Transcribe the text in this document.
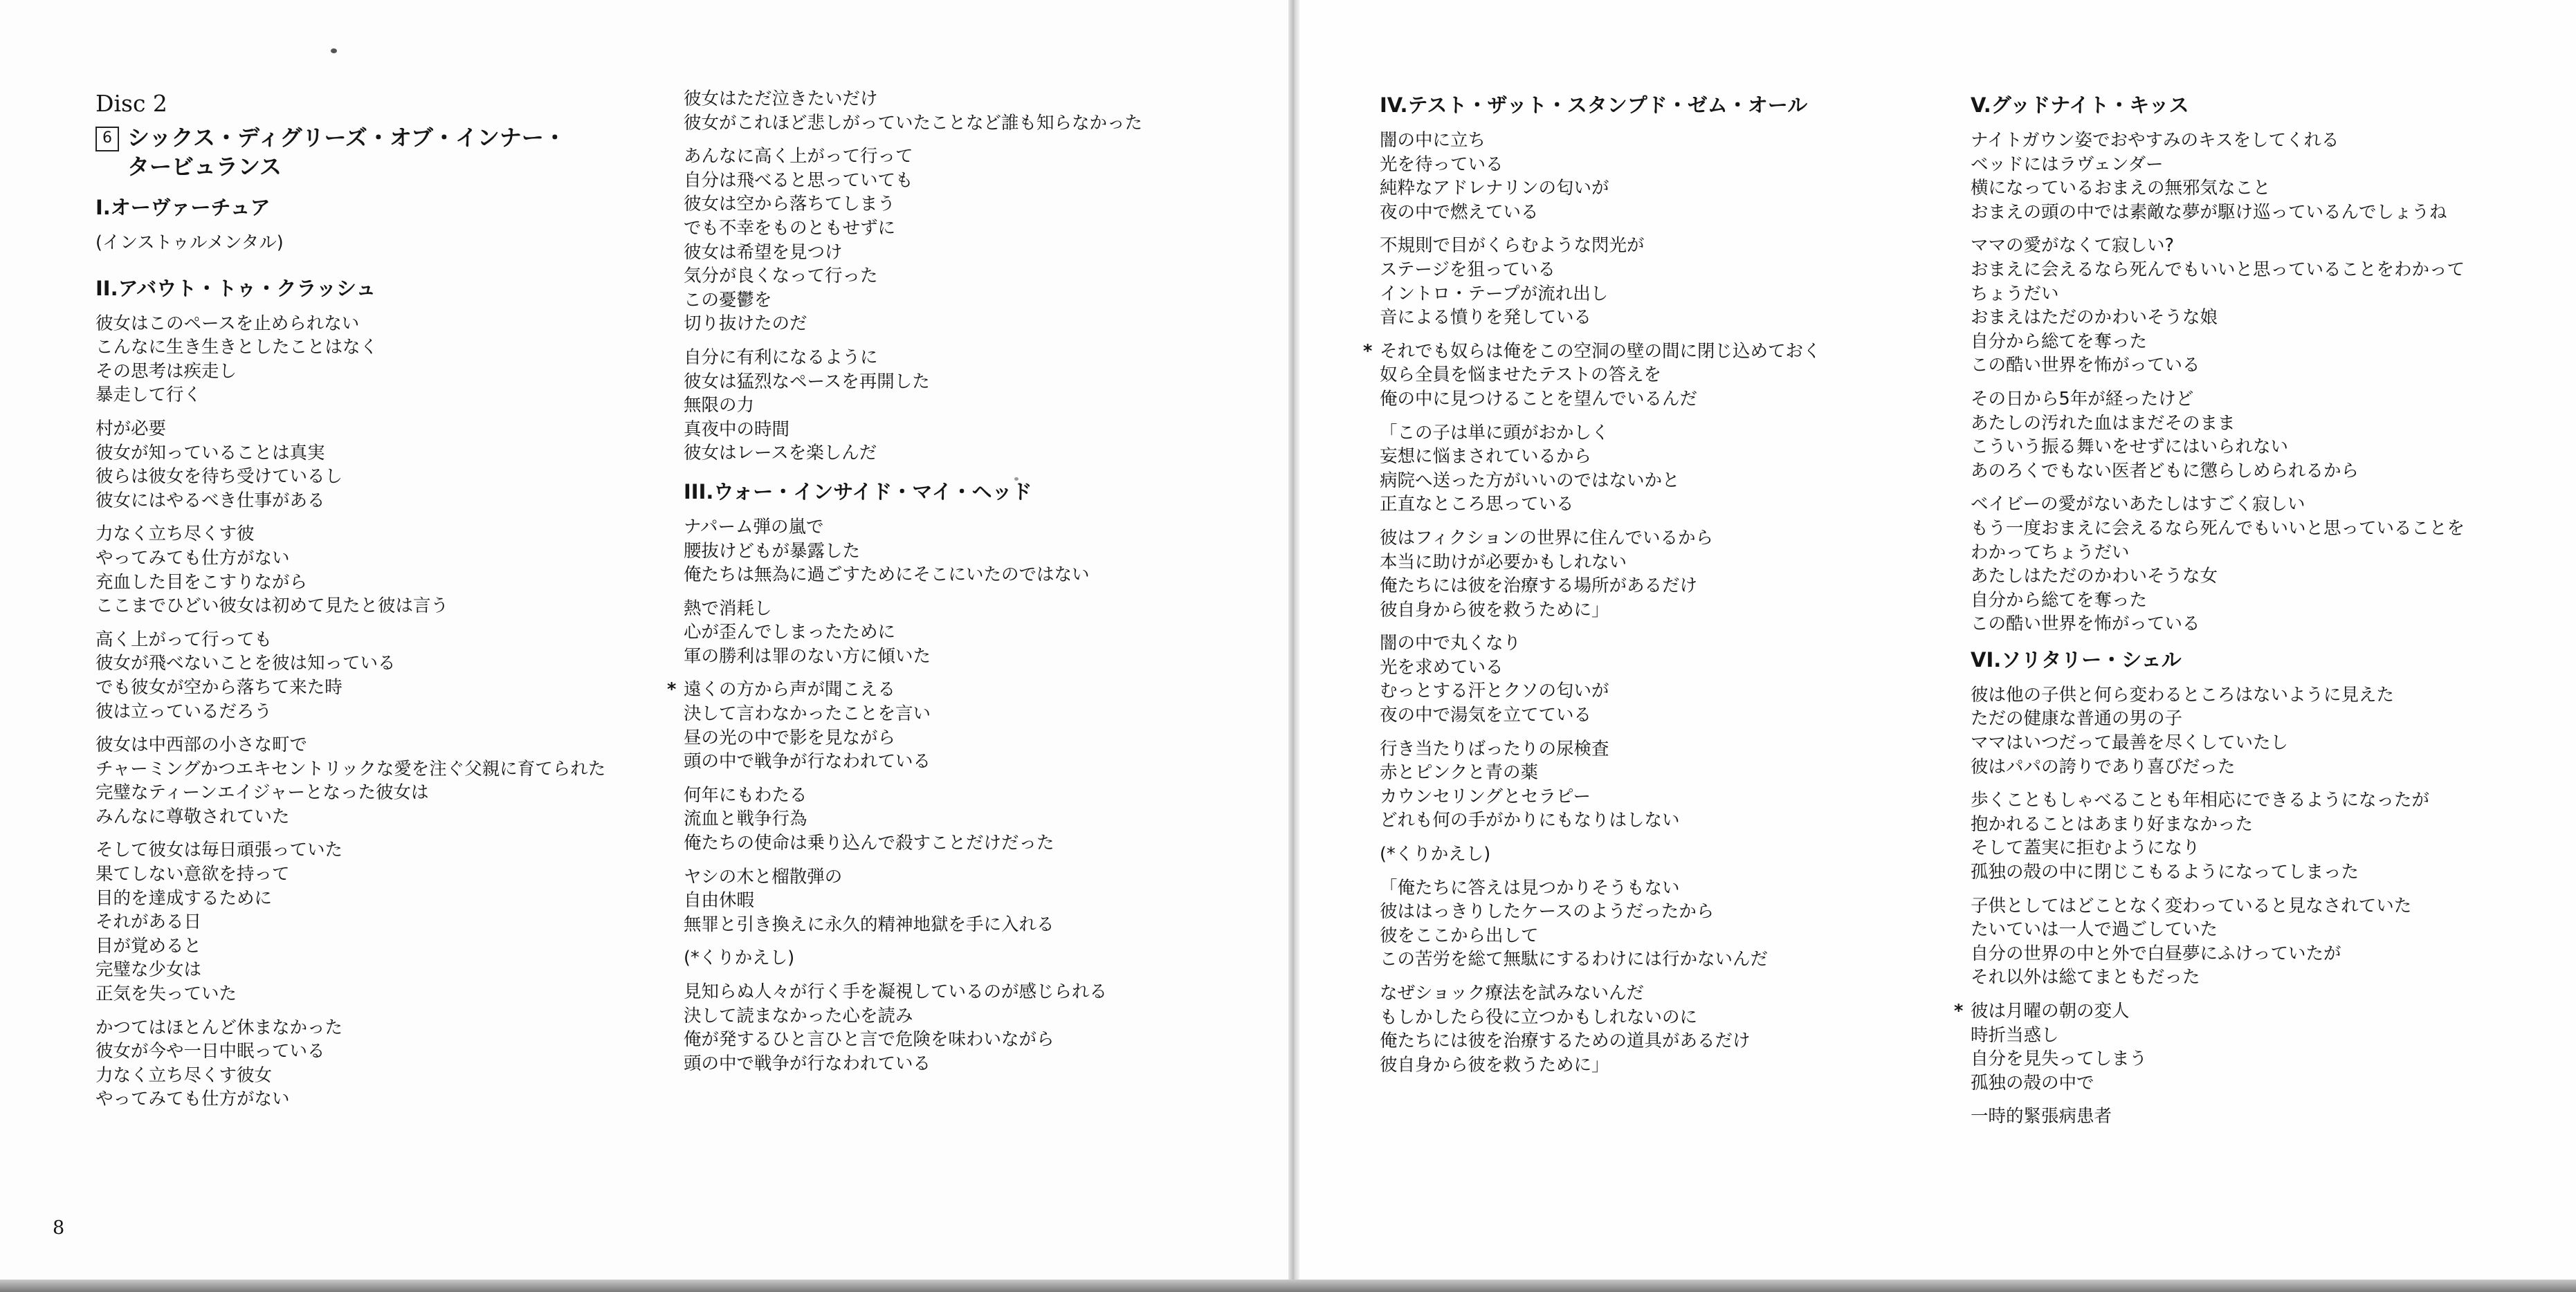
Disc 2
6 シックス・ディグリーズ・オブ・インナー・
タービュランス
I.オーヴァーチュア
(インストゥルメンタル)
II.アバウト・トゥ・クラッシュ
彼女はこのペースを止められない
こんなに生き生きとしたことはなく
その思考は疾走し
暴走して行く
村が必要
彼女が知っていることは真実
彼らは彼女を待ち受けているし
彼女にはやるべき仕事がある
力なく立ち尽くす彼
やってみても仕方がない
充血した目をこすりながら
ここまでひどい彼女は初めて見たと彼は言う
高く上がって行っても
彼女が飛べないことを彼は知っている
でも彼女が空から落ちて来た時
彼は立っているだろう
彼女は中西部の小さな町で
チャーミングかつエキセントリックな愛を注ぐ父親に育てられた
完璧なティーンエイジャーとなった彼女は
みんなに尊敬されていた
そして彼女は毎日頑張っていた
果てしない意欲を持って
目的を達成するために
それがある日
目が覚めると
完璧な少女は
正気を失っていた
かつてはほとんど休まなかった
彼女が今や一日中眠っている
力なく立ち尽くす彼女
やってみても仕方がない
彼女はただ泣きたいだけ
彼女がこれほど悲しがっていたことなど誰も知らなかった
あんなに高く上がって行って
自分は飛べると思っていても
彼女は空から落ちてしまう
でも不幸をものともせずに
彼女は希望を見つけ
気分が良くなって行った
この憂鬱を
切り抜けたのだ
自分に有利になるように
彼女は猛烈なペースを再開した
無限の力
真夜中の時間
彼女はレースを楽しんだ
III.ウォー・インサイド・マイ・ヘッド
ナパーム弾の嵐で
腰抜けどもが暴露した
俺たちは無為に過ごすためにそこにいたのではない
熱で消耗し
心が歪んでしまったために
軍の勝利は罪のない方に傾いた
* 遠くの方から声が聞こえる
決して言わなかったことを言い
昼の光の中で影を見ながら
頭の中で戦争が行なわれている
何年にもわたる
流血と戦争行為
俺たちの使命は乗り込んで殺すことだけだった
ヤシの木と榴散弾の
自由休暇
無罪と引き換えに永久的精神地獄を手に入れる
(*くりかえし)
見知らぬ人々が行く手を凝視しているのが感じられる
決して読まなかった心を読み
俺が発するひと言ひと言で危険を味わいながら
頭の中で戦争が行なわれている
IV.テスト・ザット・スタンプド・ゼム・オール
闇の中に立ち
光を待っている
純粋なアドレナリンの匂いが
夜の中で燃えている
不規則で目がくらむような閃光が
ステージを狙っている
イントロ・テープが流れ出し
音による憤りを発している
* それでも奴らは俺をこの空洞の壁の間に閉じ込めておく
奴ら全員を悩ませたテストの答えを
俺の中に見つけることを望んでいるんだ
「この子は単に頭がおかしく
妄想に悩まされているから
病院へ送った方がいいのではないかと
正直なところ思っている
彼はフィクションの世界に住んでいるから
本当に助けが必要かもしれない
俺たちには彼を治療する場所があるだけ
彼自身から彼を救うために」
闇の中で丸くなり
光を求めている
むっとする汗とクソの匂いが
夜の中で湯気を立てている
行き当たりばったりの尿検査
赤とピンクと青の薬
カウンセリングとセラピー
どれも何の手がかりにもなりはしない
(*くりかえし)
「俺たちに答えは見つかりそうもない
彼ははっきりしたケースのようだったから
彼をここから出して
この苦労を総て無駄にするわけには行かないんだ
なぜショック療法を試みないんだ
もしかしたら役に立つかもしれないのに
俺たちには彼を治療するための道具があるだけ
彼自身から彼を救うために」
V.グッドナイト・キッス
ナイトガウン姿でおやすみのキスをしてくれる
ベッドにはラヴェンダー
横になっているおまえの無邪気なこと
おまえの頭の中では素敵な夢が駆け巡っているんでしょうね
ママの愛がなくて寂しい?
おまえに会えるなら死んでもいいと思っていることをわかって
ちょうだい
おまえはただのかわいそうな娘
自分から総てを奪った
この酷い世界を怖がっている
その日から5年が経ったけど
あたしの汚れた血はまだそのまま
こういう振る舞いをせずにはいられない
あのろくでもない医者どもに懲らしめられるから
ベイビーの愛がないあたしはすごく寂しい
もう一度おまえに会えるなら死んでもいいと思っていることを
わかってちょうだい
あたしはただのかわいそうな女
自分から総てを奪った
この酷い世界を怖がっている
VI.ソリタリー・シェル
彼は他の子供と何ら変わるところはないように見えた
ただの健康な普通の男の子
ママはいつだって最善を尽くしていたし
彼はパパの誇りであり喜びだった
歩くこともしゃべることも年相応にできるようになったが
抱かれることはあまり好まなかった
そして蓋実に拒むようになり
孤独の殻の中に閉じこもるようになってしまった
子供としてはどことなく変わっていると見なされていた
たいていは一人で過ごしていた
自分の世界の中と外で白昼夢にふけっていたが
それ以外は総てまともだった
* 彼は月曜の朝の変人
時折当惑し
自分を見失ってしまう
孤独の殻の中で
一時的緊張病患者
8
